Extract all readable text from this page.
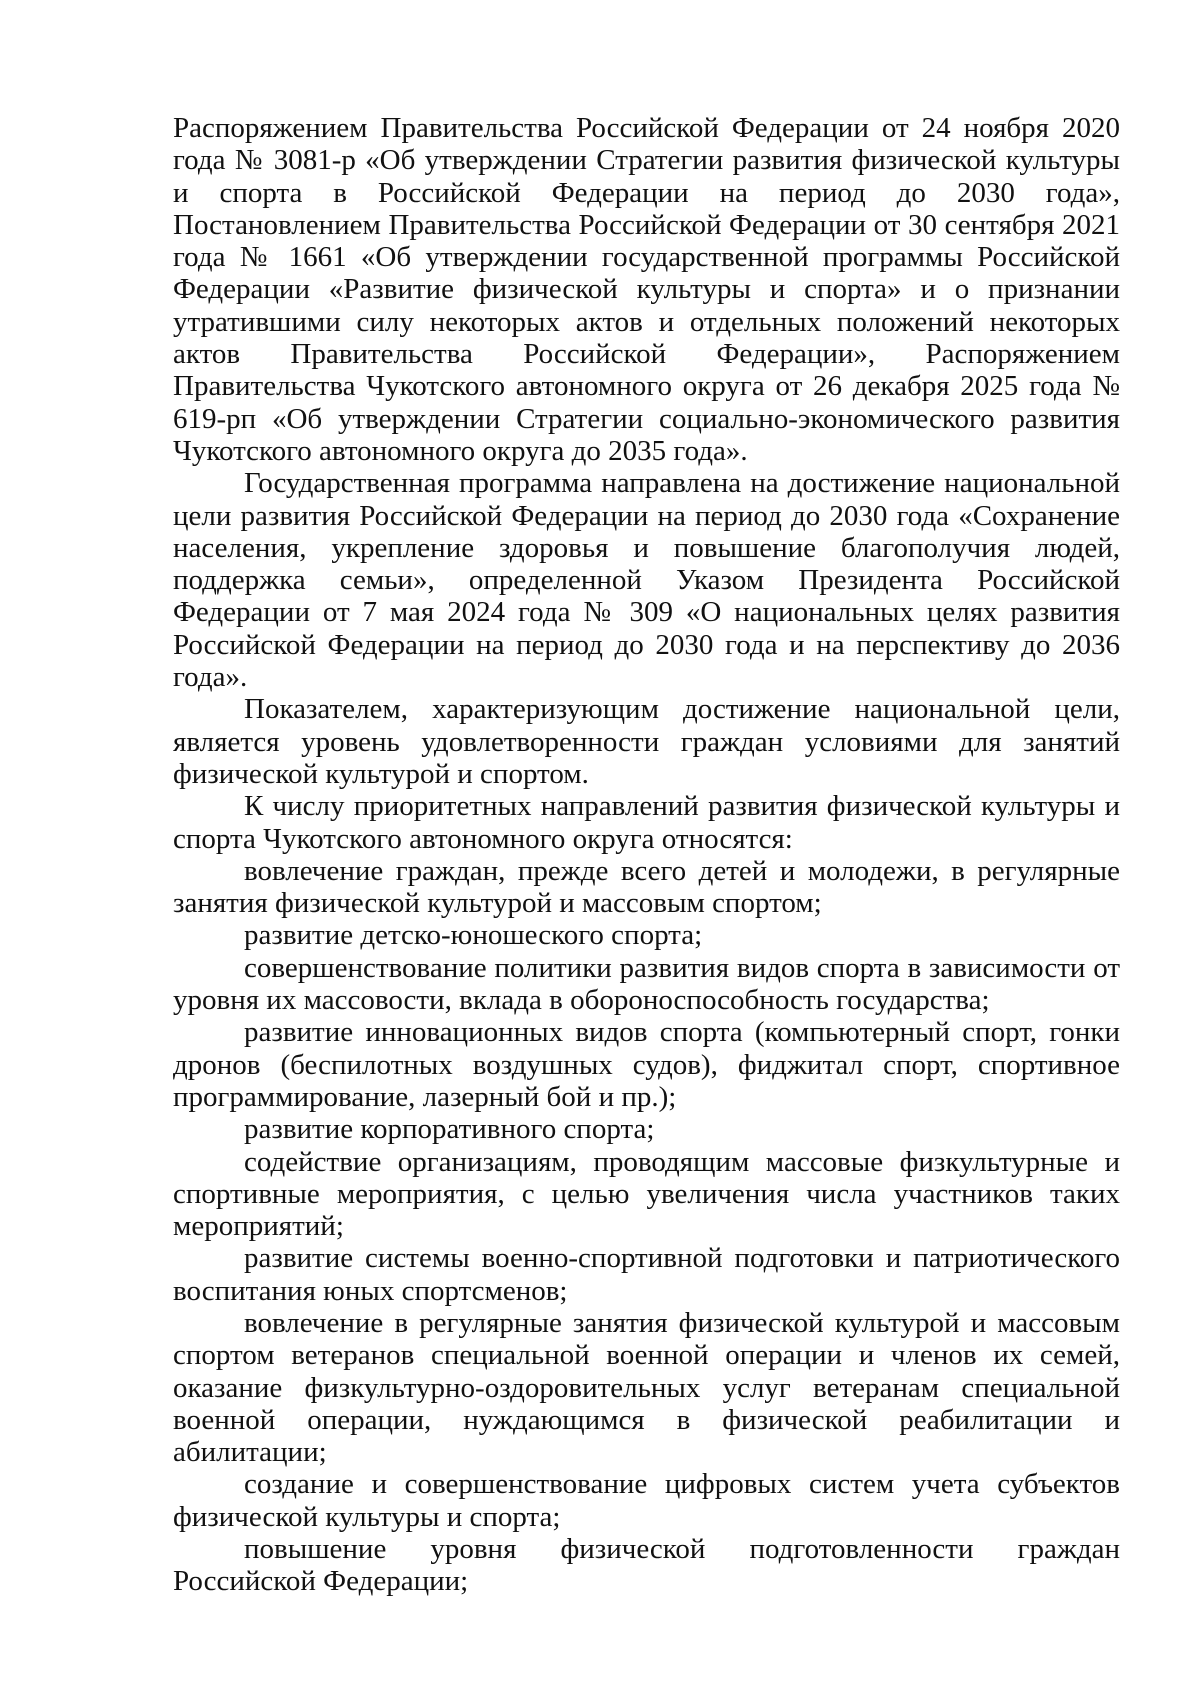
Распоряжением Правительства Российской Федерации от 24 ноября 2020 года № 3081-р «Об утверждении Стратегии развития физической культуры и спорта в Российской Федерации на период до 2030 года», Постановлением Правительства Российской Федерации от 30 сентября 2021 года № 1661 «Об утверждении государственной программы Российской Федерации «Развитие физической культуры и спорта» и о признании утратившими силу некоторых актов и отдельных положений некоторых актов Правительства Российской Федерации», Распоряжением Правительства Чукотского автономного округа от 26 декабря 2025 года № 619-рп «Об утверждении Стратегии социально-экономического развития Чукотского автономного округа до 2035 года».

Государственная программа направлена на достижение национальной цели развития Российской Федерации на период до 2030 года «Сохранение населения, укрепление здоровья и повышение благополучия людей, поддержка семьи», определенной Указом Президента Российской Федерации от 7 мая 2024 года № 309 «О национальных целях развития Российской Федерации на период до 2030 года и на перспективу до 2036 года».

Показателем, характеризующим достижение национальной цели, является уровень удовлетворенности граждан условиями для занятий физической культурой и спортом.

К числу приоритетных направлений развития физической культуры и спорта Чукотского автономного округа относятся:

вовлечение граждан, прежде всего детей и молодежи, в регулярные занятия физической культурой и массовым спортом;

развитие детско-юношеского спорта;

совершенствование политики развития видов спорта в зависимости от уровня их массовости, вклада в обороноспособность государства;

развитие инновационных видов спорта (компьютерный спорт, гонки дронов (беспилотных воздушных судов), фиджитал спорт, спортивное программирование, лазерный бой и пр.);

развитие корпоративного спорта;

содействие организациям, проводящим массовые физкультурные и спортивные мероприятия, с целью увеличения числа участников таких мероприятий;

развитие системы военно-спортивной подготовки и патриотического воспитания юных спортсменов;

вовлечение в регулярные занятия физической культурой и массовым спортом ветеранов специальной военной операции и членов их семей, оказание физкультурно-оздоровительных услуг ветеранам специальной военной операции, нуждающимся в физической реабилитации и абилитации;

создание и совершенствование цифровых систем учета субъектов физической культуры и спорта;

повышение уровня физической подготовленности граждан Российской Федерации;
